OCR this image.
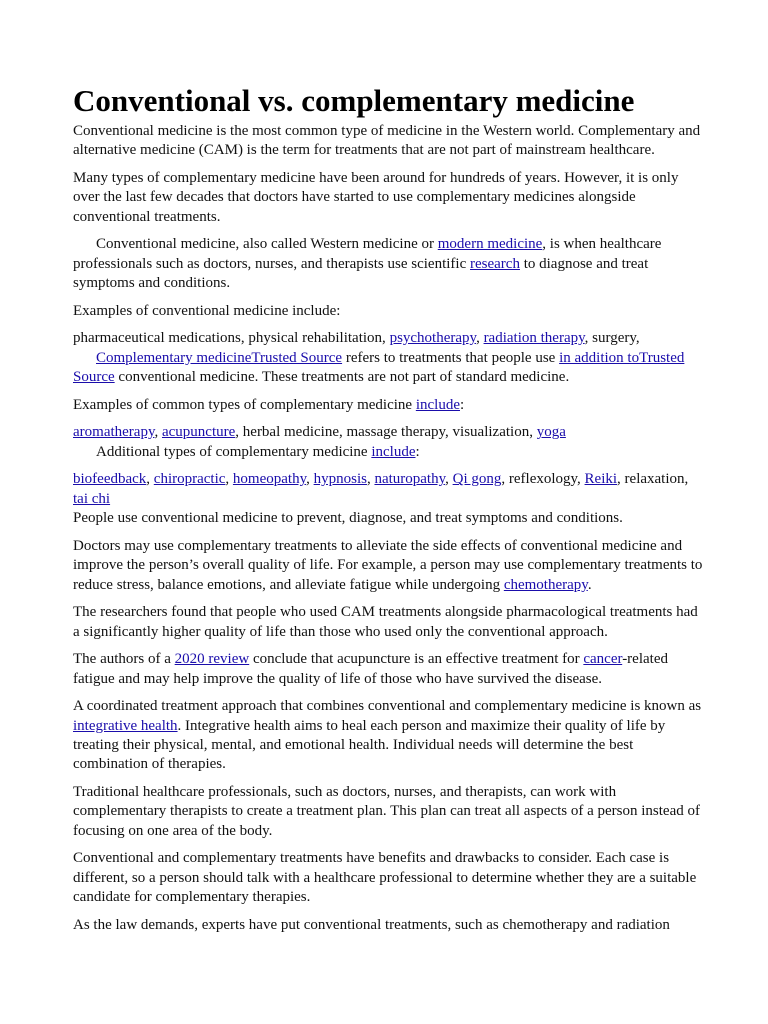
Conventional vs. complementary medicine

Conventional medicine is the most common type of medicine in the Western world. Complementary and alternative medicine (CAM) is the term for treatments that are not part of mainstream healthcare.

Many types of complementary medicine have been around for hundreds of years. However, it is only over the last few decades that doctors have started to use complementary medicines alongside conventional treatments.

Conventional medicine, also called Western medicine or modern medicine, is when healthcare professionals such as doctors, nurses, and therapists use scientific research to diagnose and treat symptoms and conditions.

Examples of conventional medicine include:

pharmaceutical medications, physical rehabilitation, psychotherapy, radiation therapy, surgery,

Complementary medicineTrusted Source refers to treatments that people use in addition toTrusted Source conventional medicine. These treatments are not part of standard medicine.

Examples of common types of complementary medicine include:

aromatherapy, acupuncture, herbal medicine, massage therapy, visualization, yoga

Additional types of complementary medicine include:

biofeedback, chiropractic, homeopathy, hypnosis, naturopathy, Qi gong, reflexology, Reiki, relaxation, tai chi

People use conventional medicine to prevent, diagnose, and treat symptoms and conditions.

Doctors may use complementary treatments to alleviate the side effects of conventional medicine and improve the person’s overall quality of life. For example, a person may use complementary treatments to reduce stress, balance emotions, and alleviate fatigue while undergoing chemotherapy.

The researchers found that people who used CAM treatments alongside pharmacological treatments had a significantly higher quality of life than those who used only the conventional approach.

The authors of a 2020 review conclude that acupuncture is an effective treatment for cancer-related fatigue and may help improve the quality of life of those who have survived the disease.

A coordinated treatment approach that combines conventional and complementary medicine is known as integrative health. Integrative health aims to heal each person and maximize their quality of life by treating their physical, mental, and emotional health. Individual needs will determine the best combination of therapies.

Traditional healthcare professionals, such as doctors, nurses, and therapists, can work with complementary therapists to create a treatment plan. This plan can treat all aspects of a person instead of focusing on one area of the body.

Conventional and complementary treatments have benefits and drawbacks to consider. Each case is different, so a person should talk with a healthcare professional to determine whether they are a suitable candidate for complementary therapies.

As the law demands, experts have put conventional treatments, such as chemotherapy and radiation
